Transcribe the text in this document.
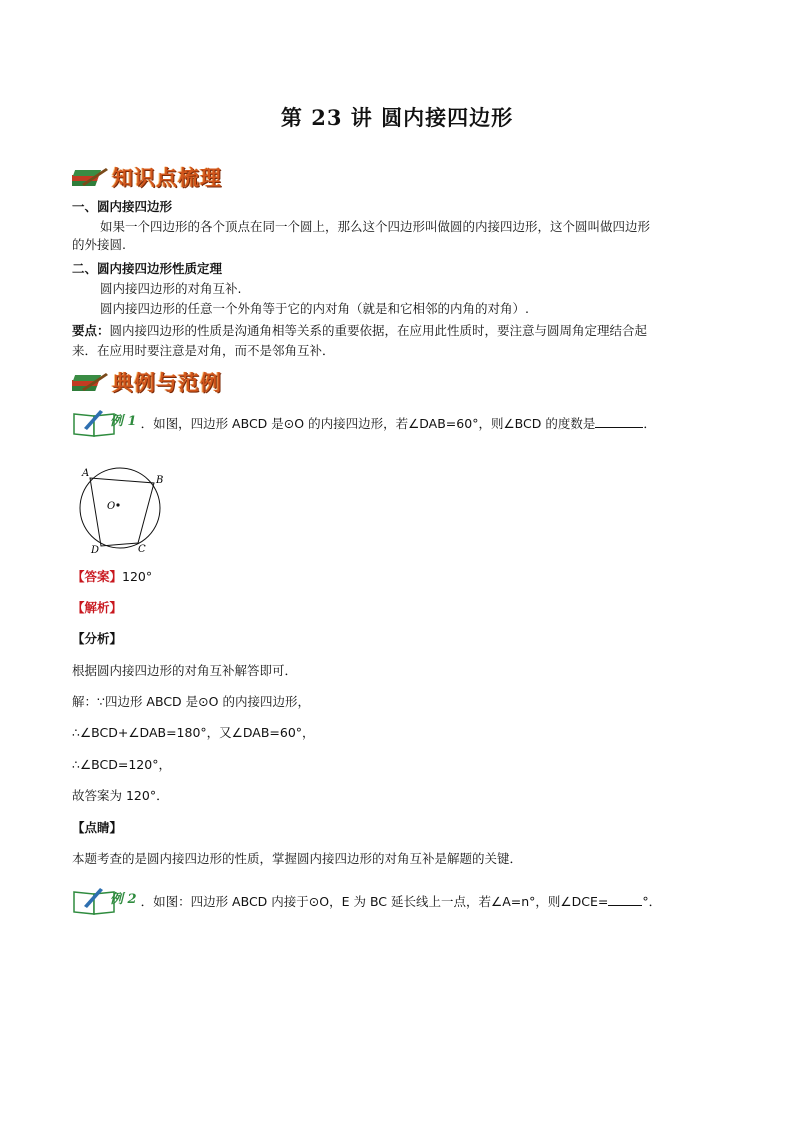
第 23 讲 圆内接四边形
知识点梳理
一、圆内接四边形
如果一个四边形的各个顶点在同一个圆上，那么这个四边形叫做圆的内接四边形，这个圆叫做四边形
的外接圆.
二、圆内接四边形性质定理
圆内接四边形的对角互补.
圆内接四边形的任意一个外角等于它的内对角（就是和它相邻的内角的对角）.
要点：圆内接四边形的性质是沟通角相等关系的重要依据，在应用此性质时，要注意与圆周角定理结合起
来．在应用时要注意是对角，而不是邻角互补．
典例与范例
例 1 ．如图，四边形 ABCD 是⊙O 的内接四边形，若∠DAB=60°，则∠BCD 的度数是	．
A
B
C
D
O
【答案】120°
【解析】
【分析】
根据圆内接四边形的对角互补解答即可．
解：∵四边形 ABCD 是⊙O 的内接四边形，
∴∠BCD+∠DAB=180°，又∠DAB=60°，
∴∠BCD=120°，
故答案为 120°．
【点睛】
本题考查的是圆内接四边形的性质，掌握圆内接四边形的对角互补是解题的关键．
例 2 ．如图：四边形 ABCD 内接于⊙O，E 为 BC 延长线上一点，若∠A=n°，则∠DCE=	°．
